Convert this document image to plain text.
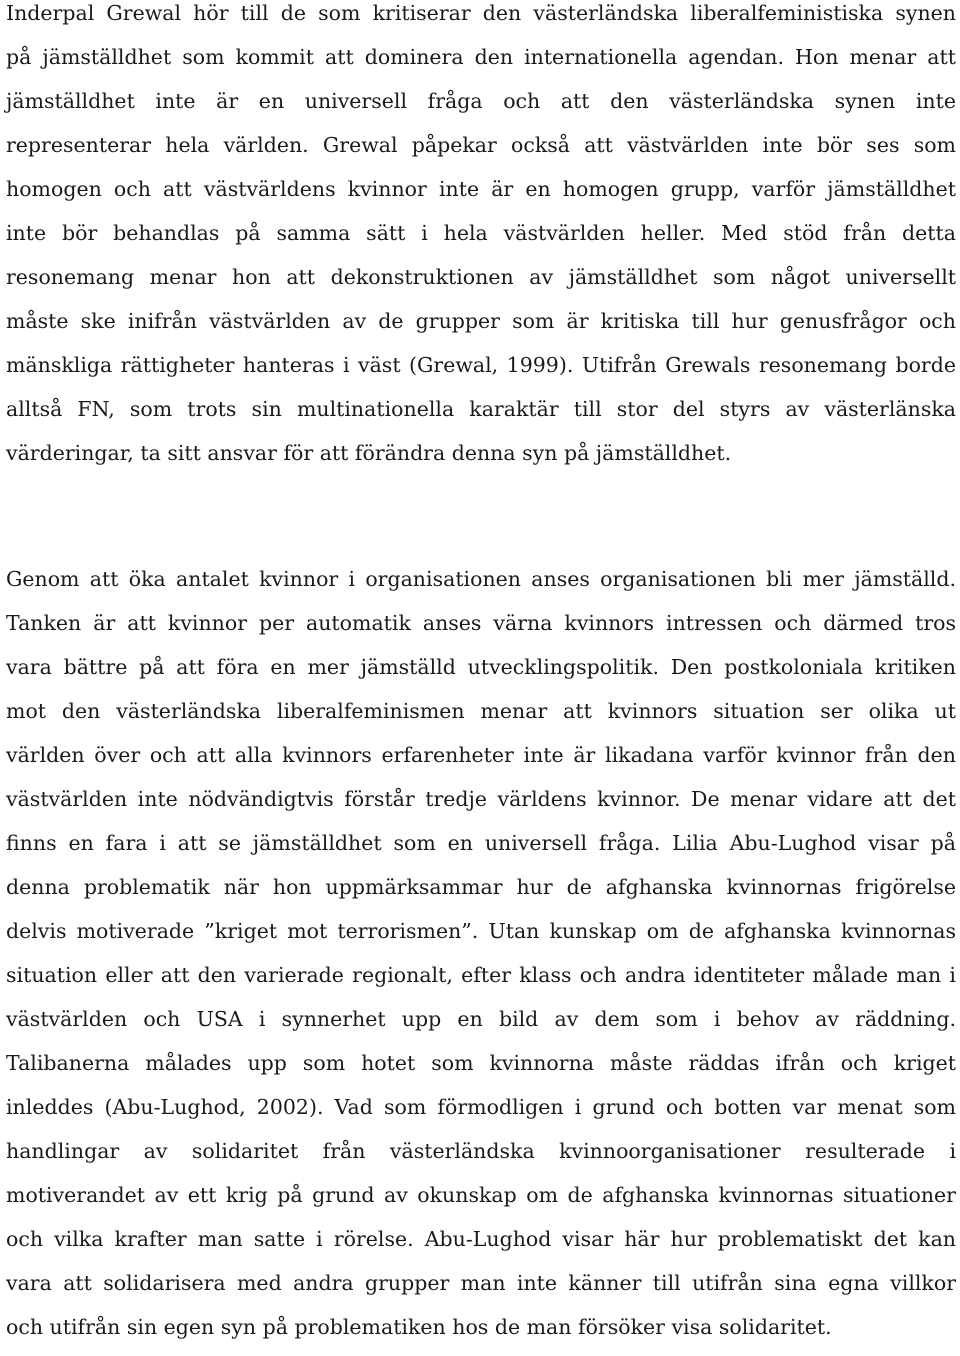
Inderpal Grewal hör till de som kritiserar den västerländska liberalfeministiska synen
på jämställdhet som kommit att dominera den internationella agendan. Hon menar att
jämställdhet inte är en universell fråga och att den västerländska synen inte
representerar hela världen. Grewal påpekar också att västvärlden inte bör ses som
homogen och att västvärldens kvinnor inte är en homogen grupp, varför jämställdhet
inte bör behandlas på samma sätt i hela västvärlden heller. Med stöd från detta
resonemang menar hon att dekonstruktionen av jämställdhet som något universellt
måste ske inifrån västvärlden av de grupper som är kritiska till hur genusfrågor och
mänskliga rättigheter hanteras i väst (Grewal, 1999). Utifrån Grewals resonemang borde
alltså FN, som trots sin multinationella karaktär till stor del styrs av västerlänska
värderingar, ta sitt ansvar för att förändra denna syn på jämställdhet.
Genom att öka antalet kvinnor i organisationen anses organisationen bli mer jämställd.
Tanken är att kvinnor per automatik anses värna kvinnors intressen och därmed tros
vara bättre på att föra en mer jämställd utvecklingspolitik. Den postkoloniala kritiken
mot den västerländska liberalfeminismen menar att kvinnors situation ser olika ut
världen över och att alla kvinnors erfarenheter inte är likadana varför kvinnor från den
västvärlden inte nödvändigtvis förstår tredje världens kvinnor. De menar vidare att det
finns en fara i att se jämställdhet som en universell fråga. Lilia Abu-Lughod visar på
denna problematik när hon uppmärksammar hur de afghanska kvinnornas frigörelse
delvis motiverade ”kriget mot terrorismen”. Utan kunskap om de afghanska kvinnornas
situation eller att den varierade regionalt, efter klass och andra identiteter målade man i
västvärlden och USA i synnerhet upp en bild av dem som i behov av räddning.
Talibanerna målades upp som hotet som kvinnorna måste räddas ifrån och kriget
inleddes (Abu-Lughod, 2002). Vad som förmodligen i grund och botten var menat som
handlingar av solidaritet från västerländska kvinnoorganisationer resulterade i
motiverandet av ett krig på grund av okunskap om de afghanska kvinnornas situationer
och vilka krafter man satte i rörelse. Abu-Lughod visar här hur problematiskt det kan
vara att solidarisera med andra grupper man inte känner till utifrån sina egna villkor
och utifrån sin egen syn på problematiken hos de man försöker visa solidaritet.
